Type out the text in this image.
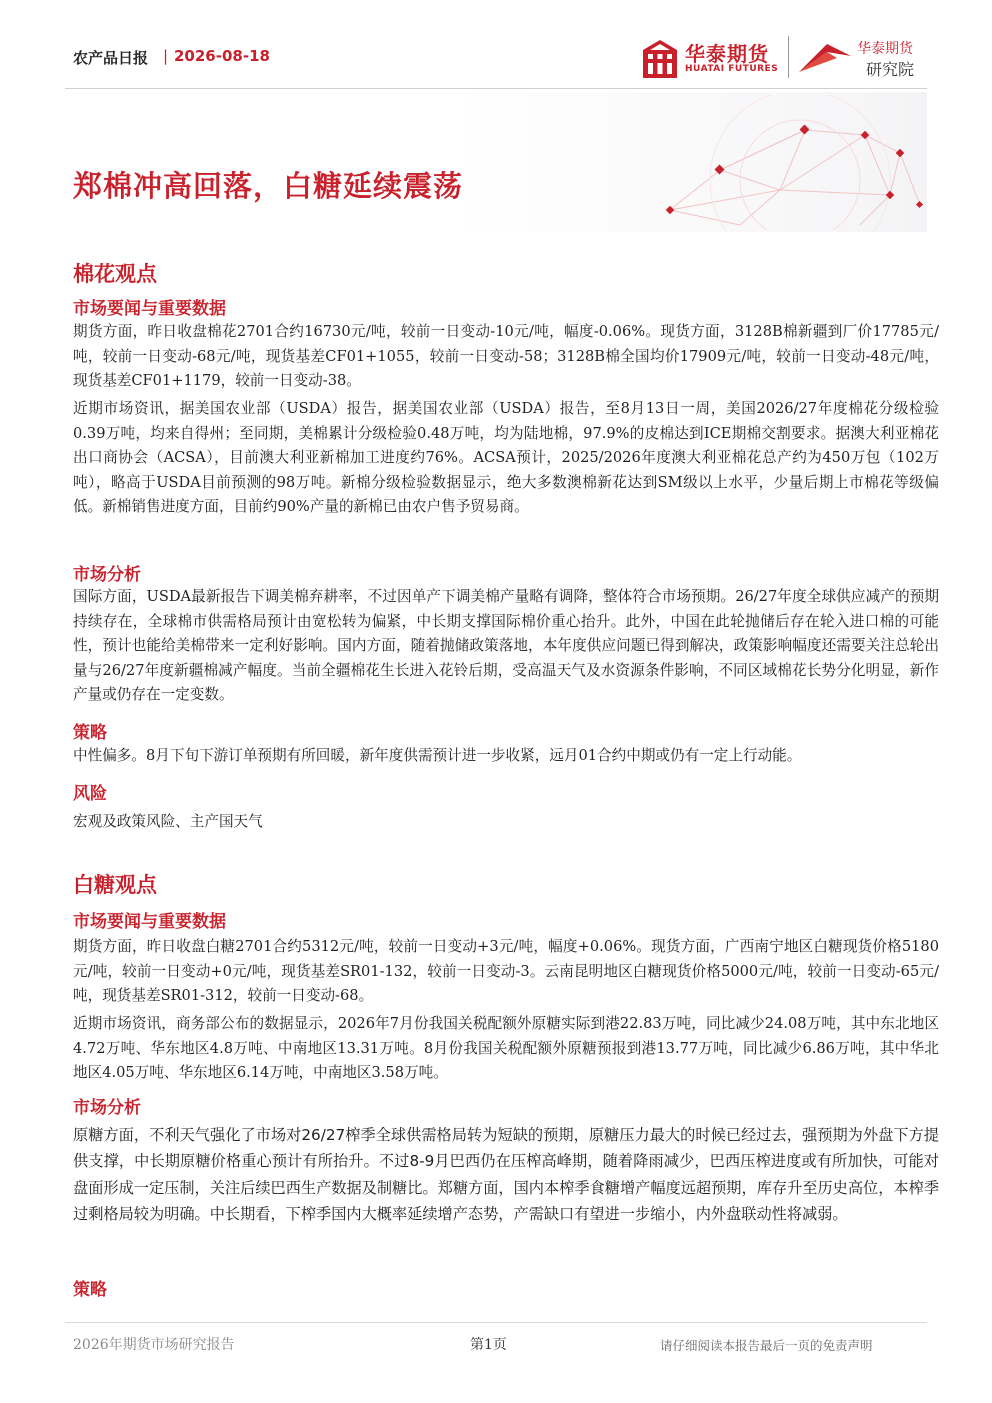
农产品日报 | 2026-08-18	华泰期货
HUATAI FUTURES
华泰期货
研究院
郑棉冲高回落，白糖延续震荡
棉花观点
市场要闻与重要数据

期货方面，昨日收盘棉花2701合约16730元/吨，较前一日变动-10元/吨，幅度-0.06%。现货方面，3128B棉新疆到厂价17785元/吨，较前一日变动-68元/吨，现货基差CF01+1055，较前一日变动-58；3128B棉全国均价17909元/吨，较前一日变动-48元/吨，现货基差CF01+1179，较前一日变动-38。

近期市场资讯，据美国农业部（USDA）报告，据美国农业部（USDA）报告，至8月13日一周，美国2026/27年度棉花分级检验0.39万吨，均来自得州；至同期，美棉累计分级检验0.48万吨，均为陆地棉，97.9%的皮棉达到ICE期棉交割要求。据澳大利亚棉花出口商协会（ACSA），目前澳大利亚新棉加工进度约76%。ACSA预计，2025/2026年度澳大利亚棉花总产约为450万包（102万吨），略高于USDA目前预测的98万吨。新棉分级检验数据显示，绝大多数澳棉新花达到SM级以上水平，少量后期上市棉花等级偏低。新棉销售进度方面，目前约90%产量的新棉已由农户售予贸易商。

市场分析

国际方面，USDA最新报告下调美棉弃耕率，不过因单产下调美棉产量略有调降，整体符合市场预期。26/27年度全球供应减产的预期持续存在，全球棉市供需格局预计由宽松转为偏紧，中长期支撑国际棉价重心抬升。此外，中国在此轮抛储后存在轮入进口棉的可能性，预计也能给美棉带来一定利好影响。国内方面，随着抛储政策落地，本年度供应问题已得到解决，政策影响幅度还需要关注总轮出量与26/27年度新疆棉减产幅度。当前全疆棉花生长进入花铃后期，受高温天气及水资源条件影响，不同区域棉花长势分化明显，新作产量或仍存在一定变数。

策略

中性偏多。8月下旬下游订单预期有所回暖，新年度供需预计进一步收紧，远月01合约中期或仍有一定上行动能。

风险

宏观及政策风险、主产国天气

白糖观点
市场要闻与重要数据

期货方面，昨日收盘白糖2701合约5312元/吨，较前一日变动+3元/吨，幅度+0.06%。现货方面，广西南宁地区白糖现货价格5180元/吨，较前一日变动+0元/吨，现货基差SR01-132，较前一日变动-3。云南昆明地区白糖现货价格5000元/吨，较前一日变动-65元/吨，现货基差SR01-312，较前一日变动-68。

近期市场资讯，商务部公布的数据显示，2026年7月份我国关税配额外原糖实际到港22.83万吨，同比减少24.08万吨，其中东北地区4.72万吨、华东地区4.8万吨、中南地区13.31万吨。8月份我国关税配额外原糖预报到港13.77万吨，同比减少6.86万吨，其中华北地区4.05万吨、华东地区6.14万吨，中南地区3.58万吨。

市场分析

原糖方面，不利天气强化了市场对26/27榨季全球供需格局转为短缺的预期，原糖压力最大的时候已经过去，强预期为外盘下方提供支撑，中长期原糖价格重心预计有所抬升。不过8-9月巴西仍在压榨高峰期，随着降雨减少，巴西压榨进度或有所加快，可能对盘面形成一定压制，关注后续巴西生产数据及制糖比。郑糖方面，国内本榨季食糖增产幅度远超预期，库存升至历史高位，本榨季过剩格局较为明确。中长期看，下榨季国内大概率延续增产态势，产需缺口有望进一步缩小，内外盘联动性将减弱。

策略
2026年期货市场研究报告	第1页	请仔细阅读本报告最后一页的免责声明
